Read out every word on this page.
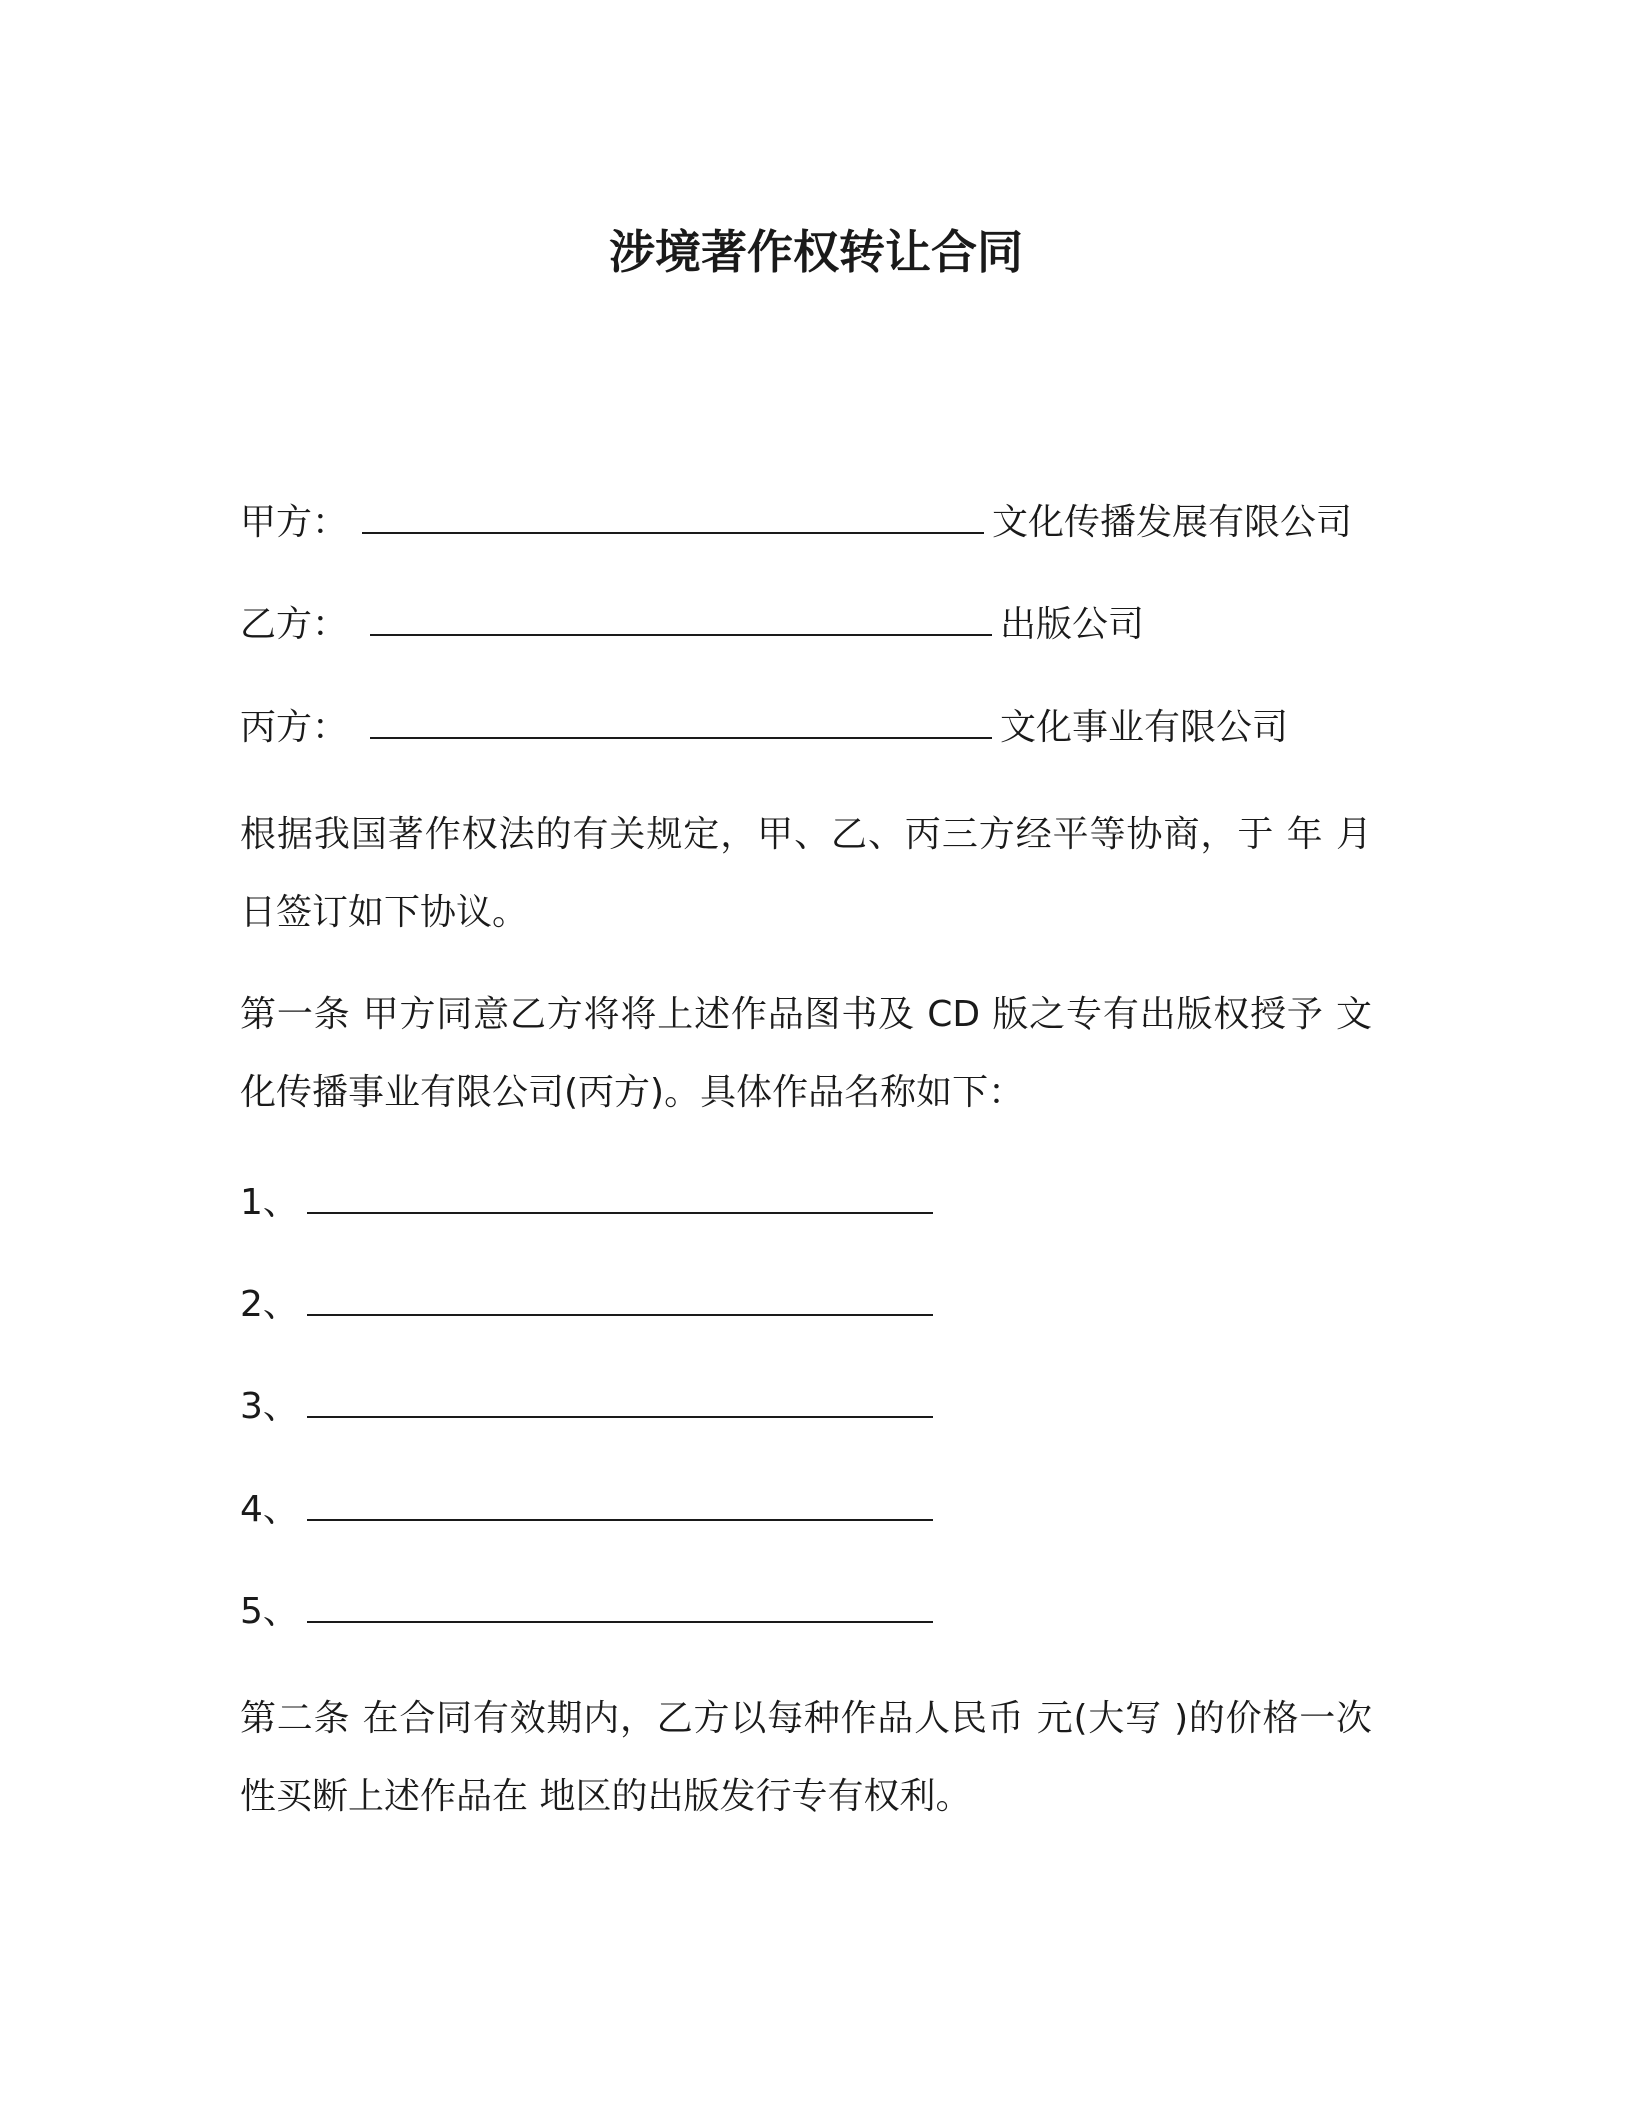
涉境著作权转让合同
甲方：	文化传播发展有限公司
乙方：	出版公司
丙方：	文化事业有限公司

根据我国著作权法的有关规定，甲、乙、丙三方经平等协商，于 年 月日签订如下协议。

第一条 甲方同意乙方将将上述作品图书及 CD 版之专有出版权授予 文化传播事业有限公司(丙方)。具体作品名称如下：

1、
2、
3、
4、
5、

第二条 在合同有效期内，乙方以每种作品人民币 元(大写 )的价格一次性买断上述作品在 地区的出版发行专有权利。
